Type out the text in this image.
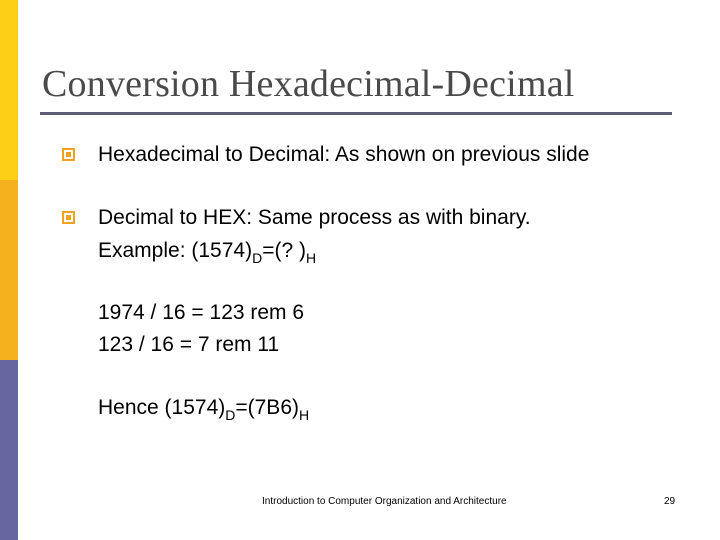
Conversion Hexadecimal-Decimal
Hexadecimal to Decimal: As shown on previous slide
Decimal to HEX: Same process as with binary.
Example: $(1574)_D=$(? )$_H$
1974 / 16 = 123 rem 6
123 / 16 = 7 rem 11
Hence $(1574)_D=(7B6)_H$
Introduction to Computer Organization and Architecture	29
